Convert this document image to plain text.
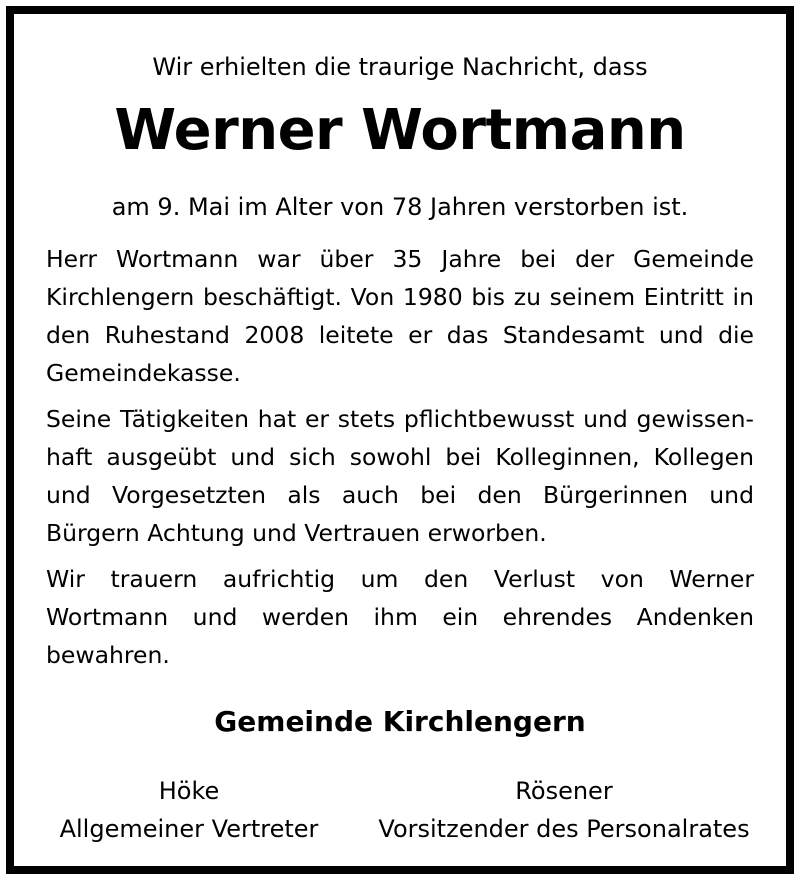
Wir erhielten die traurige Nachricht, dass
Werner Wortmann
am 9. Mai im Alter von 78 Jahren verstorben ist.

Herr Wortmann war über 35 Jahre bei der Gemeinde Kirchlengern beschäftigt. Von 1980 bis zu seinem Eintritt in den Ruhestand 2008 leitete er das Standesamt und die Gemeindekasse.

Seine Tätigkeiten hat er stets pflichtbewusst und gewissenhaft ausgeübt und sich sowohl bei Kolleginnen, Kollegen und Vorgesetzten als auch bei den Bürgerinnen und Bürgern Achtung und Vertrauen erworben.

Wir trauern aufrichtig um den Verlust von Werner Wortmann und werden ihm ein ehrendes Andenken bewahren.

Gemeinde Kirchlengern
Höke
Allgemeiner Vertreter
Rösener
Vorsitzender des Personalrates
